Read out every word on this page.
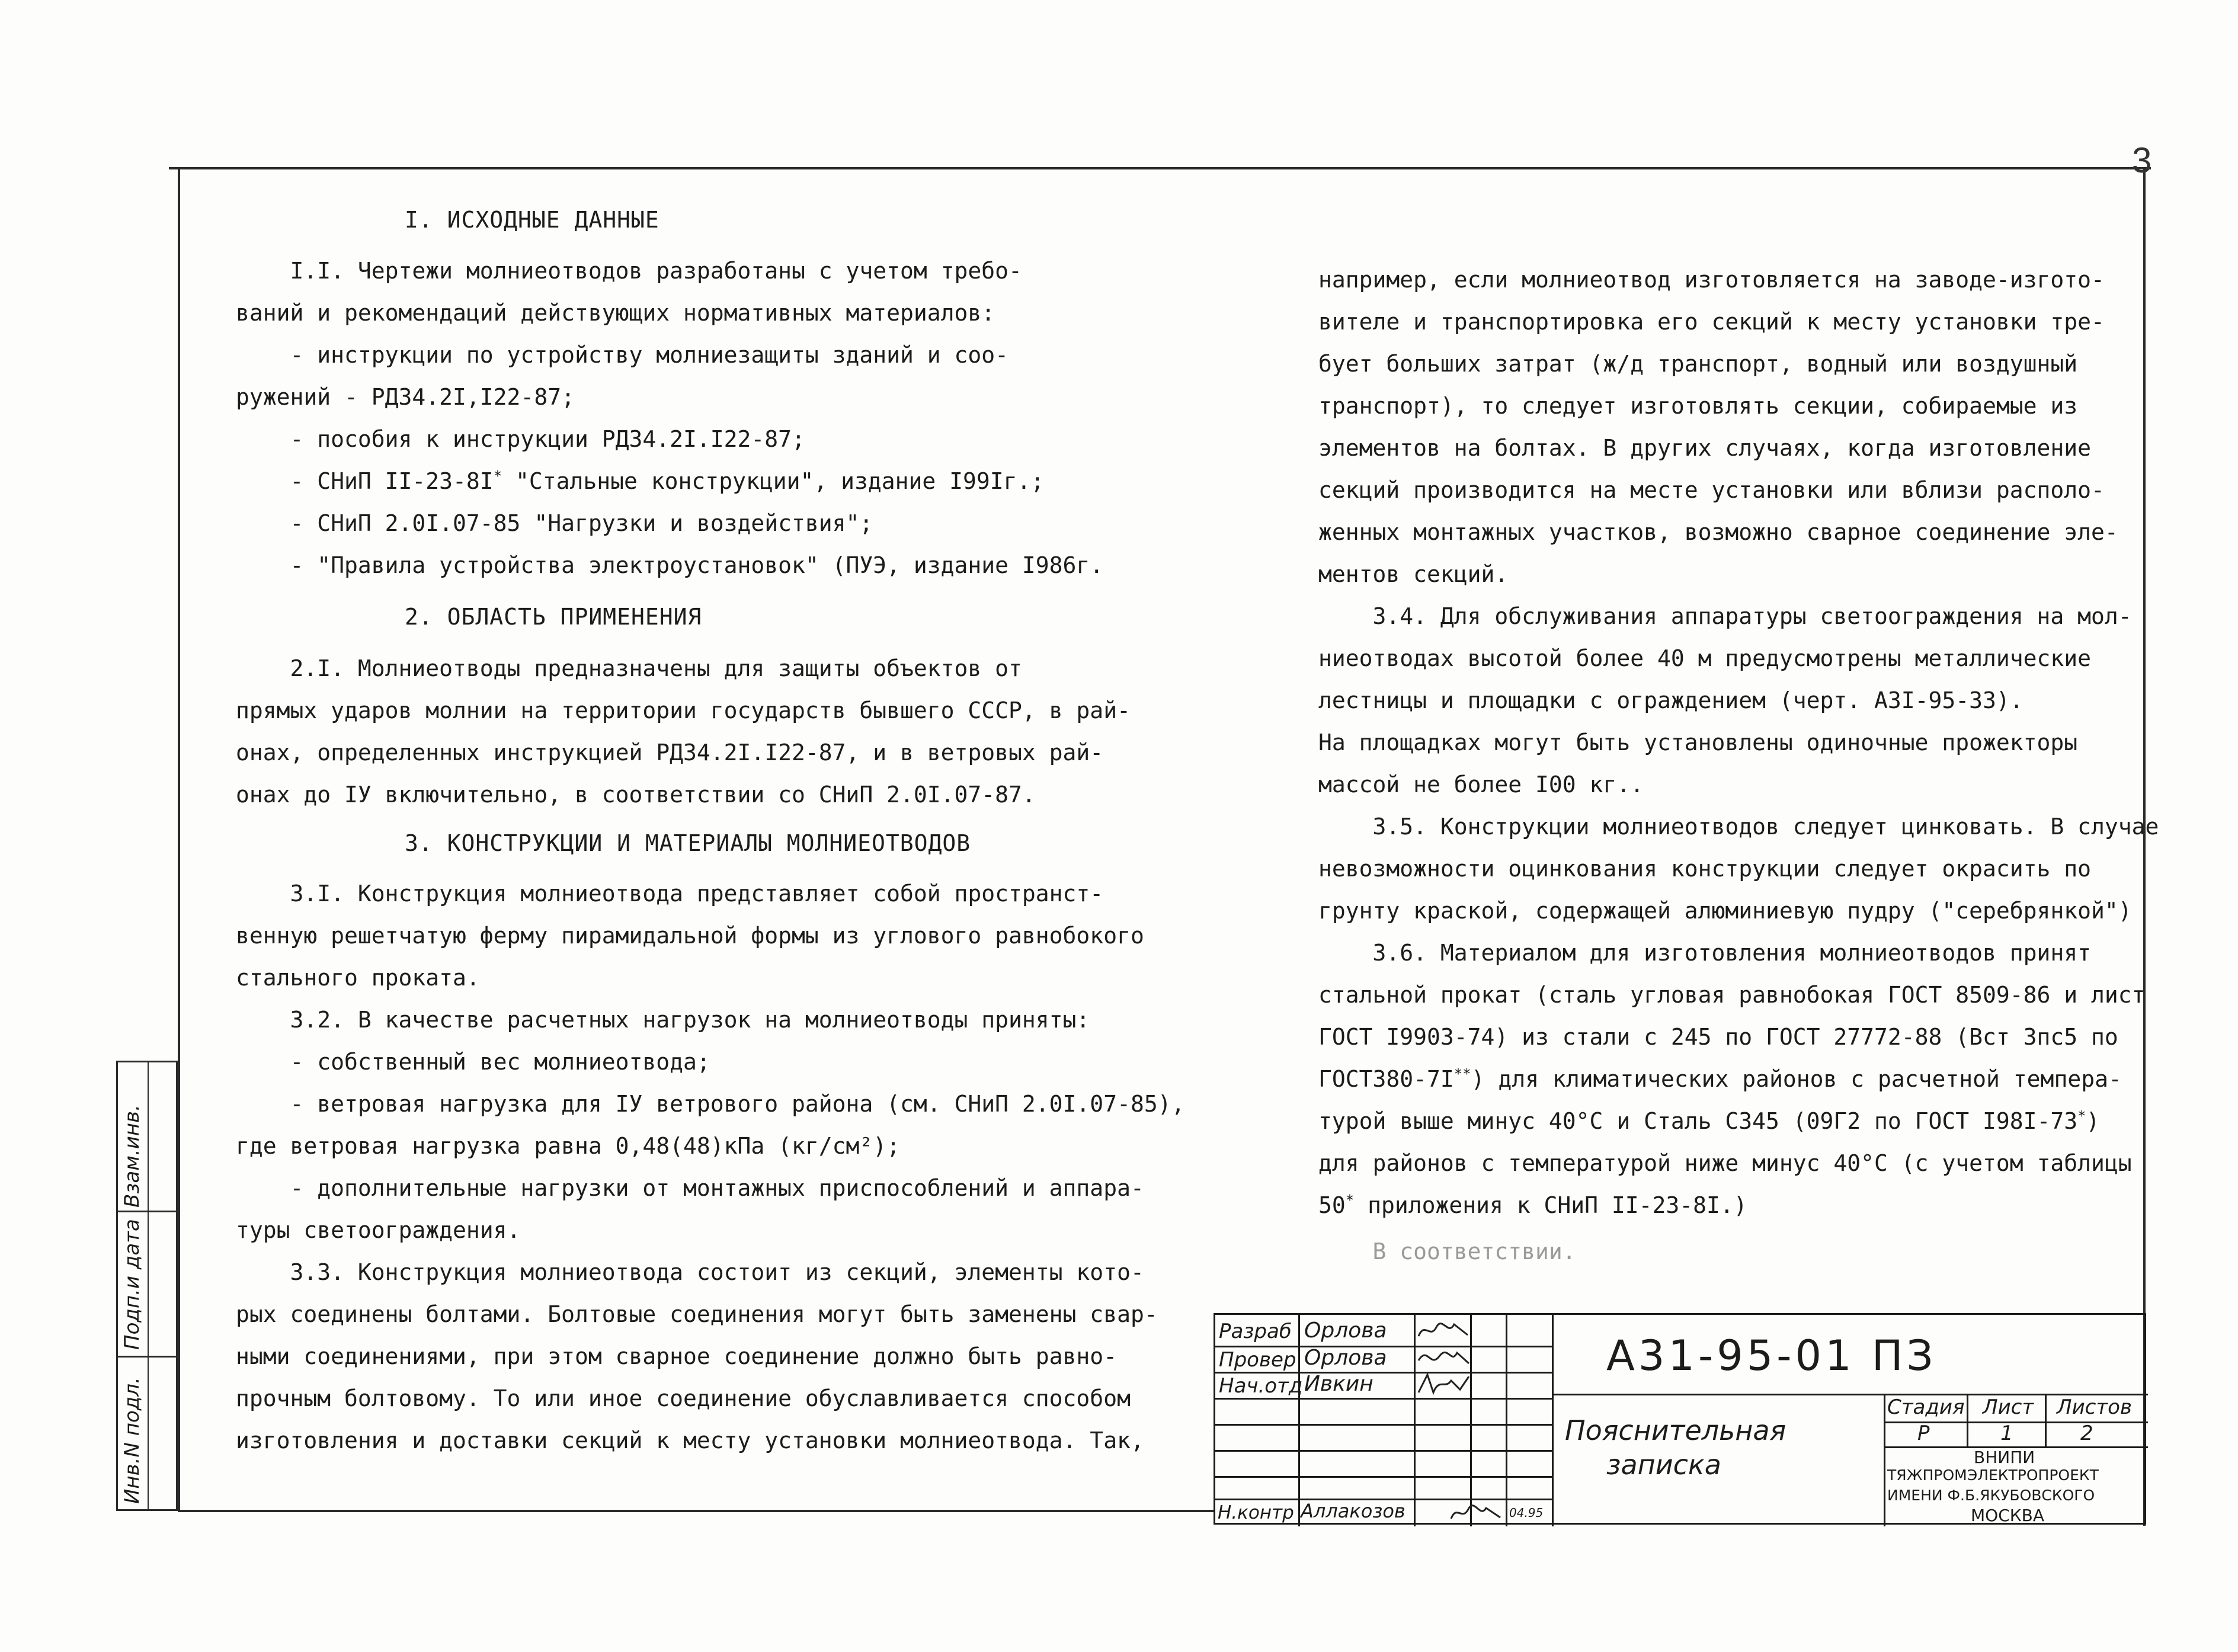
3
I. ИСХОДНЫЕ ДАННЫЕ
I.I. Чертежи молниеотводов разработаны с учетом требо-
ваний и рекомендаций действующих нормативных материалов:
- инструкции по устройству молниезащиты зданий и соо-
ружений - РД34.2I,I22-87;
- пособия к инструкции РД34.2I.I22-87;
- СНиП II-23-8I* "Стальные конструкции", издание I99Iг.;
- СНиП 2.0I.07-85 "Нагрузки и воздействия";
- "Правила устройства электроустановок" (ПУЭ, издание I986г.
2. ОБЛАСТЬ ПРИМЕНЕНИЯ
2.I. Молниеотводы предназначены для защиты объектов от
прямых ударов молнии на территории государств бывшего СССР, в рай-
онах, определенных инструкцией РД34.2I.I22-87, и в ветровых рай-
онах до IУ включительно, в соответствии со СНиП 2.0I.07-87.
3. КОНСТРУКЦИИ И МАТЕРИАЛЫ МОЛНИЕОТВОДОВ
3.I. Конструкция молниеотвода представляет собой пространст-
венную решетчатую ферму пирамидальной формы из углового равнобокого
стального проката.
3.2. В качестве расчетных нагрузок на молниеотводы приняты:
- собственный вес молниеотвода;
- ветровая нагрузка для IУ ветрового района (см. СНиП 2.0I.07-85),
где ветровая нагрузка равна 0,48(48)кПа (кг/см²);
- дополнительные нагрузки от монтажных приспособлений и аппара-
туры светоограждения.
3.3. Конструкция молниеотвода состоит из секций, элементы кото-
рых соединены болтами. Болтовые соединения могут быть заменены свар-
ными соединениями, при этом сварное соединение должно быть равно-
прочным болтовому. То или иное соединение обуславливается способом
изготовления и доставки секций к месту установки молниеотвода. Так,
например, если молниеотвод изготовляется на заводе-изгото-
вителе и транспортировка его секций к месту установки тре-
бует больших затрат (ж/д транспорт, водный или воздушный
транспорт), то следует изготовлять секции, собираемые из
элементов на болтах. В других случаях, когда изготовление
секций производится на месте установки или вблизи располо-
женных монтажных участков, возможно сварное соединение эле-
ментов секций.
3.4. Для обслуживания аппаратуры светоограждения на мол-
ниеотводах высотой более 40 м предусмотрены металлические
лестницы и площадки с ограждением (черт. А3I-95-33).
На площадках могут быть установлены одиночные прожекторы
массой не более I00 кг..
3.5. Конструкции молниеотводов следует цинковать. В случае
невозможности оцинкования конструкции следует окрасить по
грунту краской, содержащей алюминиевую пудру ("серебрянкой")
3.6. Материалом для изготовления молниеотводов принят
стальной прокат (сталь угловая равнобокая ГОСТ 8509-86 и лист
ГОСТ I9903-74) из стали с 245 по ГОСТ 27772-88 (Вст 3пс5 по
ГОСТ380-7I**) для климатических районов с расчетной темпера-
турой выше минус 40°С и Сталь С345 (09Г2 по ГОСТ I98I-73*)
для районов с температурой ниже минус 40°С (с учетом таблицы
50* приложения к СНиП II-23-8I.)
В соответствии.
Взам.инв.
Подп.и дата
Инв.N подл.
Разраб Орлова
Провер Орлова
Нач.отд Ивкин
Н.контр Аллакозов	04.95
А31-95-01 ПЗ
Пояснительная
записка
Стадия Лист Листов
Р	1	2
ВНИПИ
ТЯЖПРОМЭЛЕКТРОПРОЕКТ
ИМЕНИ Ф.Б.ЯКУБОВСКОГО
МОСКВА
